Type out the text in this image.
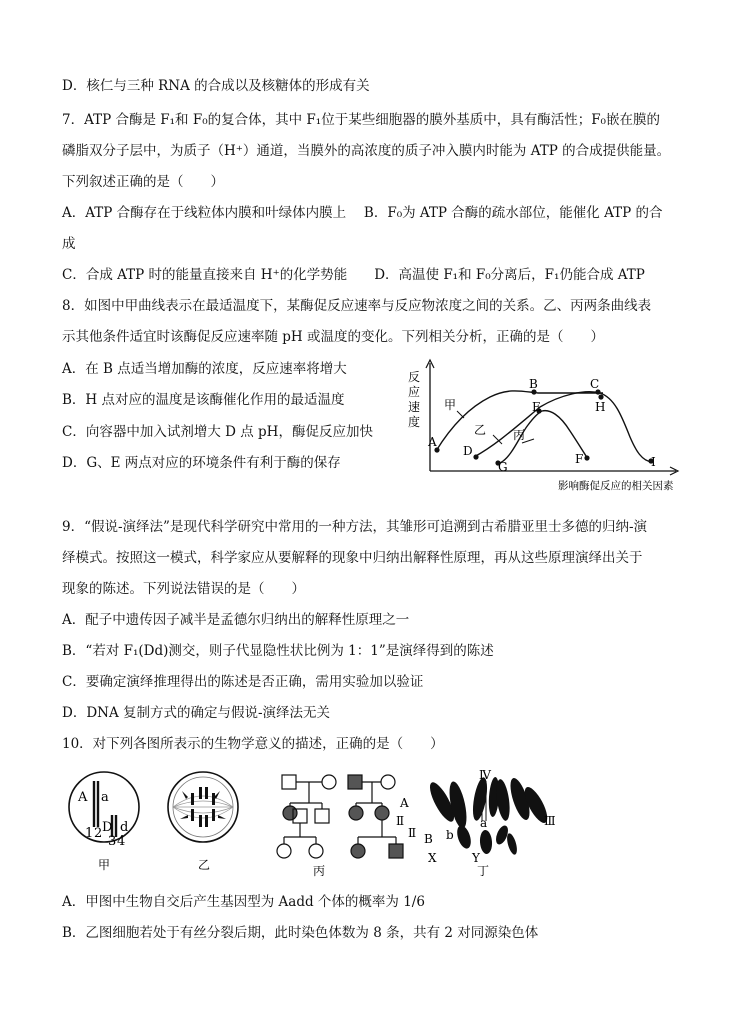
D．核仁与三种 RNA 的合成以及核糖体的形成有关
7．ATP 合酶是 F₁和 F₀的复合体，其中 F₁位于某些细胞器的膜外基质中，具有酶活性；F₀嵌在膜的
磷脂双分子层中，为质子（H⁺）通道，当膜外的高浓度的质子冲入膜内时能为 ATP 的合成提供能量。
下列叙述正确的是（　　）
A．ATP 合酶存在于线粒体内膜和叶绿体内膜上　 B．F₀为 ATP 合酶的疏水部位，能催化 ATP 的合
成
C．合成 ATP 时的能量直接来自 H⁺的化学势能　　D．高温使 F₁和 F₀分离后，F₁仍能合成 ATP
8．如图中甲曲线表示在最适温度下，某酶促反应速率与反应物浓度之间的关系。乙、丙两条曲线表
示其他条件适宜时该酶促反应速率随 pH 或温度的变化。下列相关分析，正确的是（　　）
A．在 B 点适当增加酶的浓度，反应速率将增大
B．H 点对应的温度是该酶催化作用的最适温度
C．向容器中加入试剂增大 D 点 pH，酶促反应加快
D．G、E 两点对应的环境条件有利于酶的保存
9．“假说-演绎法”是现代科学研究中常用的一种方法，其雏形可追溯到古希腊亚里士多德的归纳-演
绎模式。按照这一模式，科学家应从要解释的现象中归纳出解释性原理，再从这些原理演绎出关于
现象的陈述。下列说法错误的是（　　）
A．配子中遗传因子减半是孟德尔归纳出的解释性原理之一
B．“若对 F₁(Dd)测交，则子代显隐性状比例为 1：1”是演绎得到的陈述
C．要确定演绎推理得出的陈述是否正确，需用实验加以验证
D．DNA 复制方式的确定与假说-演绎法无关
10．对下列各图所表示的生物学意义的描述，正确的是（　　）
A．甲图中生物自交后产生基因型为 Aadd 个体的概率为 1/6
B．乙图细胞若处于有丝分裂后期，此时染色体数为 8 条，共有 2 对同源染色体
反
应
速
度
影响酶促反应的相关因素
甲
乙 丙
A
B	C
D
E
F
G
H
I
A a
D d
1 2
3 4
甲	乙	丙
A
a
B b
X	Y
Ⅱ
Ⅱ
Ⅲ
Ⅳ
丁
